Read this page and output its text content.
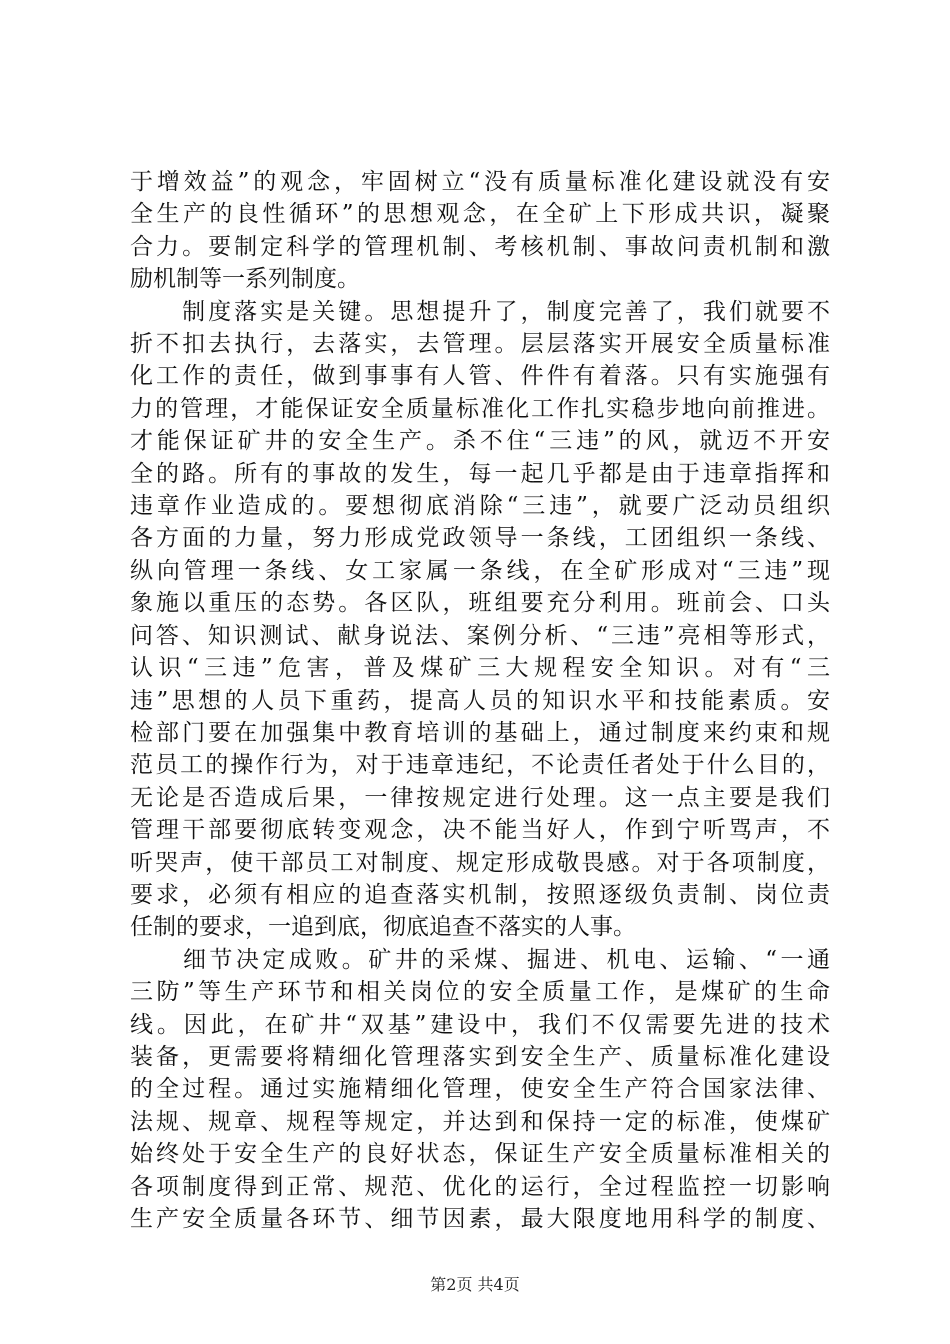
于增效益”的观念，牢固树立“没有质量标准化建设就没有安
全生产的良性循环”的思想观念，在全矿上下形成共识，凝聚
合力。要制定科学的管理机制、考核机制、事故问责机制和激
励机制等一系列制度。
　　制度落实是关键。思想提升了，制度完善了，我们就要不
折不扣去执行，去落实，去管理。层层落实开展安全质量标准
化工作的责任，做到事事有人管、件件有着落。只有实施强有
力的管理，才能保证安全质量标准化工作扎实稳步地向前推进。
才能保证矿井的安全生产。杀不住“三违”的风，就迈不开安
全的路。所有的事故的发生，每一起几乎都是由于违章指挥和
违章作业造成的。要想彻底消除“三违”，就要广泛动员组织
各方面的力量，努力形成党政领导一条线，工团组织一条线、
纵向管理一条线、女工家属一条线，在全矿形成对“三违”现
象施以重压的态势。各区队，班组要充分利用。班前会、口头
问答、知识测试、献身说法、案例分析、“三违”亮相等形式，
认识“三违”危害，普及煤矿三大规程安全知识。对有“三
违”思想的人员下重药，提高人员的知识水平和技能素质。安
检部门要在加强集中教育培训的基础上，通过制度来约束和规
范员工的操作行为，对于违章违纪，不论责任者处于什么目的，
无论是否造成后果，一律按规定进行处理。这一点主要是我们
管理干部要彻底转变观念，决不能当好人，作到宁听骂声，不
听哭声，使干部员工对制度、规定形成敬畏感。对于各项制度，
要求，必须有相应的追查落实机制，按照逐级负责制、岗位责
任制的要求，一追到底，彻底追查不落实的人事。
　　细节决定成败。矿井的采煤、掘进、机电、运输、“一通
三防”等生产环节和相关岗位的安全质量工作，是煤矿的生命
线。因此，在矿井“双基”建设中，我们不仅需要先进的技术
装备，更需要将精细化管理落实到安全生产、质量标准化建设
的全过程。通过实施精细化管理，使安全生产符合国家法律、
法规、规章、规程等规定，并达到和保持一定的标准，使煤矿
始终处于安全生产的良好状态，保证生产安全质量标准相关的
各项制度得到正常、规范、优化的运行，全过程监控一切影响
生产安全质量各环节、细节因素，最大限度地用科学的制度、
第2页 共4页
